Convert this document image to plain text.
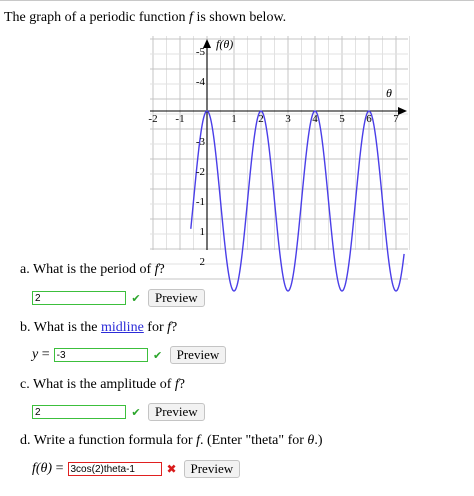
The graph of a periodic function f is shown below.
f(θ)
θ
-2 -1	1 2 3 4 5 6 7
2
1
-1
-2
-3
-4
-5
a. What is the period of f?
2	✔	Preview
b. What is the midline for f?
y = -3	✔	Preview
c. What is the amplitude of f?
2	✔	Preview
d. Write a function formula for f. (Enter "theta" for θ.)
f(θ) = 3cos(2)theta-1	✖	Preview
